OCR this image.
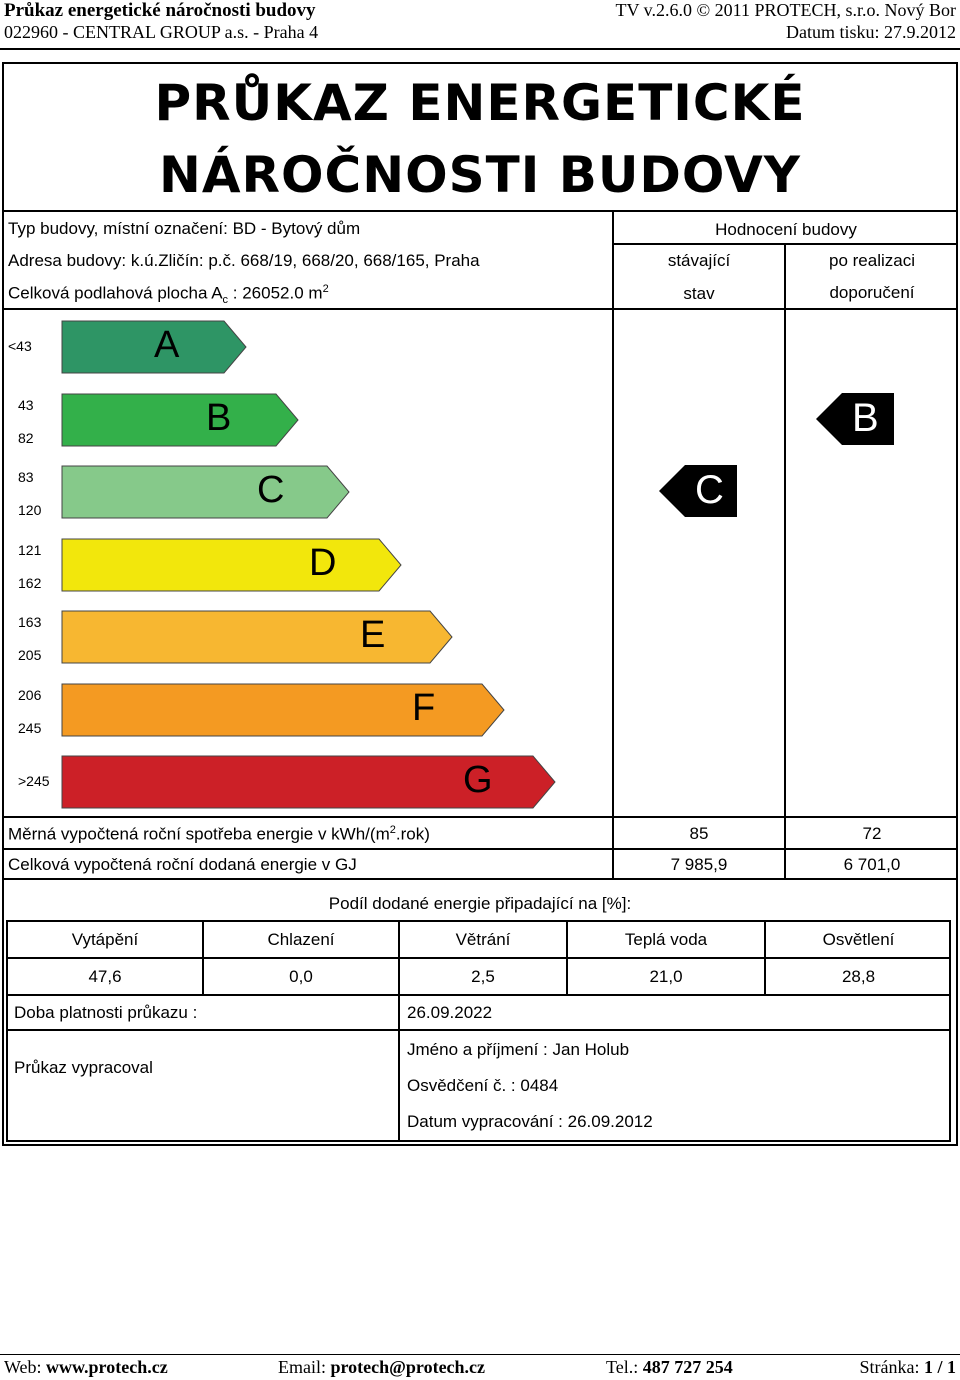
Průkaz energetické náročnosti budovy
022960 - CENTRAL GROUP a.s. - Praha 4
TV v.2.6.0 © 2011 PROTECH, s.r.o. Nový Bor
Datum tisku: 27.9.2012
PRŮKAZ ENERGETICKÉ
NÁROČNOSTI BUDOVY
Typ budovy, místní označení: BD - Bytový dům
Adresa budovy: k.ú.Zličín: p.č. 668/19, 668/20, 668/165, Praha
Celková podlahová plocha $A_c$ : 26052.0 $m^2$
Hodnocení budovy
stávající
stav
po realizaci
doporučení
A
<43
B
43
82
C
83
120
D
121
162
E
163
205
F
206
245
G
>245
C
B
Měrná vypočtená roční spotřeba energie v kWh/$(m^2.rok)$	85	72
Celková vypočtená roční dodaná energie v GJ	7 985,9	6 701,0
Podíl dodané energie připadající na [%]:
Vytápění	Chlazení	Větrání	Teplá voda	Osvětlení
47,6	0,0	2,5	21,0	28,8
Doba platnosti průkazu :	26.09.2022
Průkaz vypracoval
Jméno a příjmení : Jan Holub
Osvědčení č. : 0484
Datum vypracování : 26.09.2012
Web: www.protech.cz	Email: protech@protech.cz	Tel.: 487 727 254	Stránka: 1 / 1
